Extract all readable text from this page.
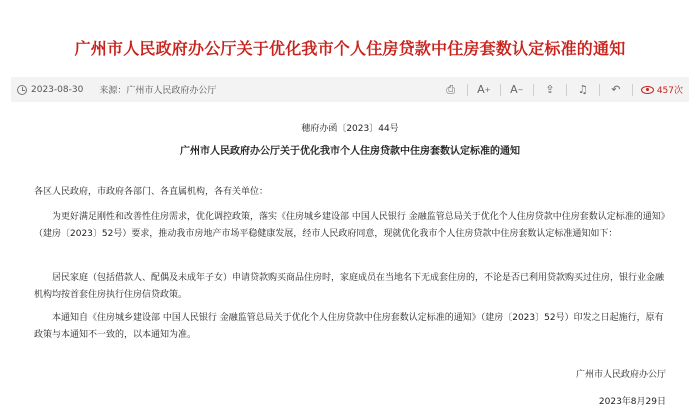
广州市人民政府办公厅关于优化我市个人住房贷款中住房套数认定标准的通知
2023-08-30 来源：广州市人民政府办公厅	⎙	A + A −	⇪	♫	↶	457次
穗府办函〔2023〕44号
广州市人民政府办公厅关于优化我市个人住房贷款中住房套数认定标准的通知
各区人民政府，市政府各部门、各直属机构，各有关单位：
为更好满足刚性和改善性住房需求，优化调控政策，落实《住房城乡建设部 中国人民银行 金融监管总局关于优化个人住房贷款中住房套数认定标准的通知》（建房〔2023〕52号）要求，推动我市房地产市场平稳健康发展，经市人民政府同意，现就优化我市个人住房贷款中住房套数认定标准通知如下：
居民家庭（包括借款人、配偶及未成年子女）申请贷款购买商品住房时，家庭成员在当地名下无成套住房的，不论是否已利用贷款购买过住房，银行业金融机构均按首套住房执行住房信贷政策。
本通知自《住房城乡建设部 中国人民银行 金融监管总局关于优化个人住房贷款中住房套数认定标准的通知》（建房〔2023〕52号）印发之日起施行，原有政策与本通知不一致的，以本通知为准。
广州市人民政府办公厅
2023年8月29日
